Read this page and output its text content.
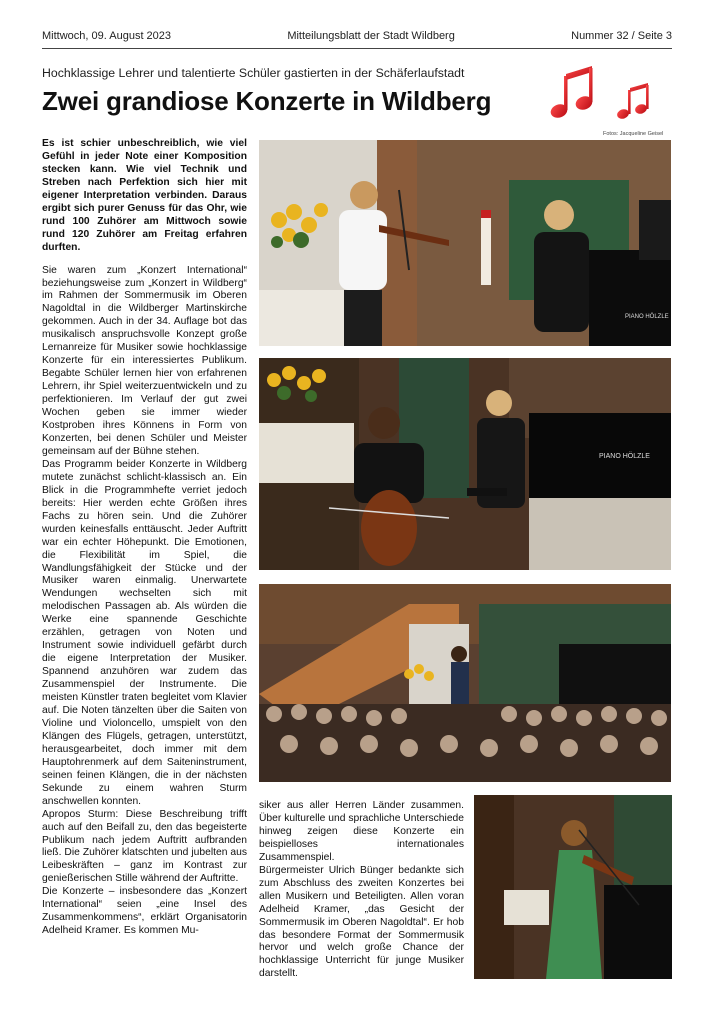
Mittwoch, 09. August 2023	Mitteilungsblatt der Stadt Wildberg	Nummer 32 / Seite 3
Hochklassige Lehrer und talentierte Schüler gastierten in der Schäferlaufstadt
Zwei grandiose Konzerte in Wildberg
Fotos: Jacqueline Geisel

Es ist schier unbeschreiblich, wie viel Gefühl in jeder Note einer Komposition stecken kann. Wie viel Technik und Streben nach Perfektion sich hier mit eigener Interpretation verbinden. Daraus ergibt sich purer Genuss für das Ohr, wie rund 100 Zuhörer am Mittwoch sowie rund 120 Zuhörer am Freitag erfahren durften.

Sie waren zum „Konzert International“ beziehungsweise zum „Konzert in Wildberg“ im Rahmen der Sommermusik im Oberen Nagoldtal in die Wildberger Martinskirche gekommen. Auch in der 34. Auflage bot das musikalisch anspruchsvolle Konzept große Lernanreize für Musiker sowie hochklassige Konzerte für ein interessiertes Publikum. Begabte Schüler lernen hier von erfahrenen Lehrern, ihr Spiel weiterzuentwickeln und zu perfektionieren. Im Verlauf der gut zwei Wochen geben sie immer wieder Kostproben ihres Könnens in Form von Konzerten, bei denen Schüler und Meister gemeinsam auf der Bühne stehen.

Das Programm beider Konzerte in Wildberg mutete zunächst schlicht-klassisch an. Ein Blick in die Programmhefte verriet jedoch bereits: Hier werden echte Größen ihres Fachs zu hören sein. Und die Zuhörer wurden keinesfalls enttäuscht. Jeder Auftritt war ein echter Höhepunkt. Die Emotionen, die Flexibilität im Spiel, die Wandlungsfähigkeit der Stücke und der Musiker waren einmalig. Unerwartete Wendungen wechselten sich mit melodischen Passagen ab. Als würden die Werke eine spannende Geschichte erzählen, getragen von Noten und Instrument sowie individuell gefärbt durch die eigene Interpretation der Musiker. Spannend anzuhören war zudem das Zusammenspiel der Instrumente. Die meisten Künstler traten begleitet vom Klavier auf. Die Noten tänzelten über die Saiten von Violine und Violoncello, umspielt von den Klängen des Flügels, getragen, unterstützt, herausgearbeitet, doch immer mit dem Hauptohrenmerk auf dem Saiteninstrument, seinen feinen Klängen, die in der nächsten Sekunde zu einem wahren Sturm anschwellen konnten.

Apropos Sturm: Diese Beschreibung trifft auch auf den Beifall zu, den das begeisterte Publikum nach jedem Auftritt aufbranden ließ. Die Zuhörer klatschten und jubelten aus Leibeskräften – ganz im Kontrast zur genießerischen Stille während der Auftritte.

Die Konzerte – insbesondere das „Konzert International“ seien „eine Insel des Zusammenkommens“, erklärt Organisatorin Adelheid Kramer. Es kommen Mu-

PIANO HÖLZLE
PIANO HÖLZLE

siker aus aller Herren Länder zusammen. Über kulturelle und sprachliche Unterschiede hinweg zeigen diese Konzerte ein beispielloses internationales Zusammenspiel.

Bürgermeister Ulrich Bünger bedankte sich zum Abschluss des zweiten Konzertes bei allen Musikern und Beteiligten. Allen voran Adelheid Kramer, „das Gesicht der Sommermusik im Oberen Nagoldtal“. Er hob das besondere Format der Sommermusik hervor und welch große Chance der hochklassige Unterricht für junge Musiker darstellt.
